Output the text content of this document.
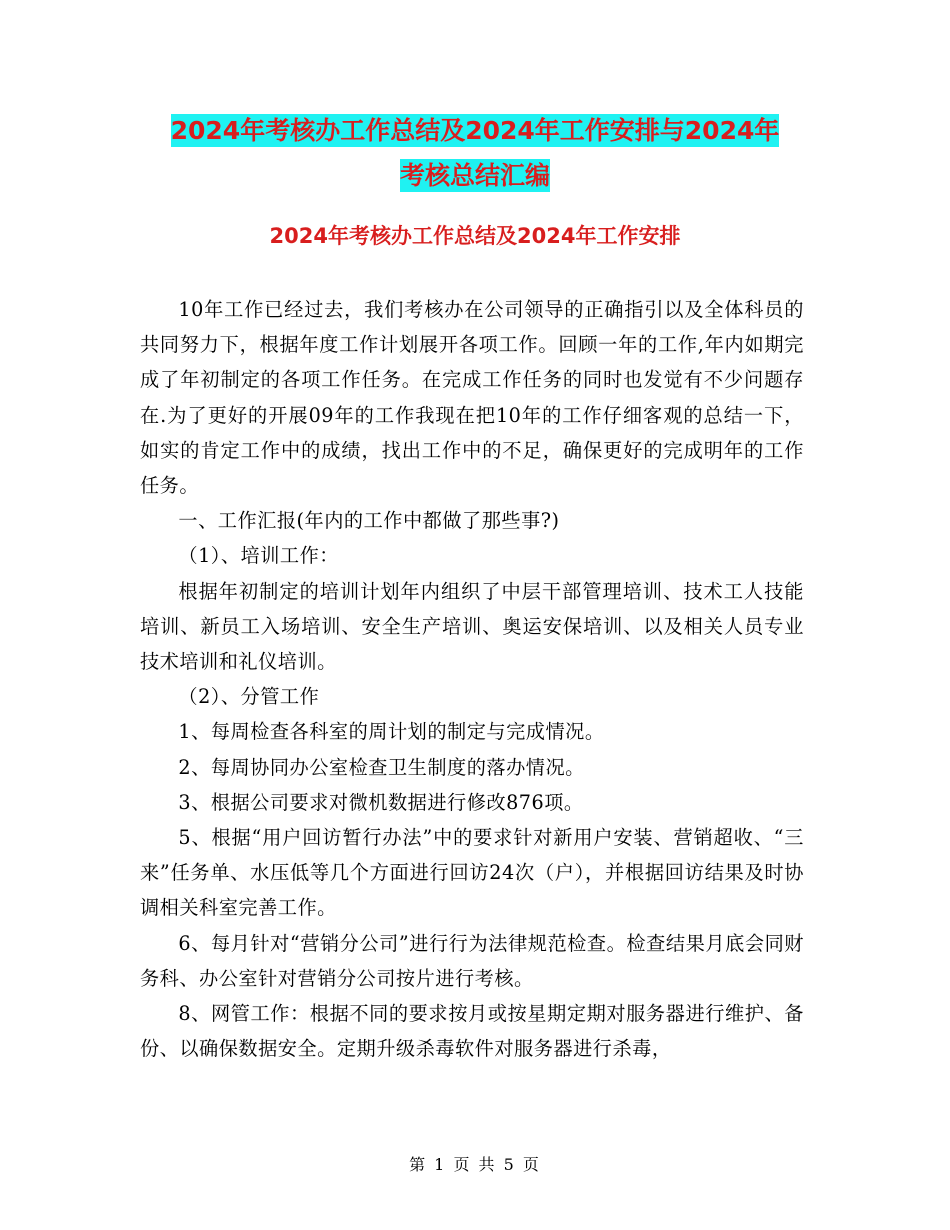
2024年考核办工作总结及2024年工作安排与2024年
考核总结汇编
2024年考核办工作总结及2024年工作安排

10年工作已经过去，我们考核办在公司领导的正确指引以及全体科员的共同努力下，根据年度工作计划展开各项工作。回顾一年的工作,年内如期完成了年初制定的各项工作任务。在完成工作任务的同时也发觉有不少问题存在.为了更好的开展09年的工作我现在把10年的工作仔细客观的总结一下，如实的肯定工作中的成绩，找出工作中的不足，确保更好的完成明年的工作任务。

一、工作汇报(年内的工作中都做了那些事?)

（1）、培训工作：

根据年初制定的培训计划年内组织了中层干部管理培训、技术工人技能培训、新员工入场培训、安全生产培训、奥运安保培训、以及相关人员专业技术培训和礼仪培训。

（2）、分管工作

1、每周检查各科室的周计划的制定与完成情况。

2、每周协同办公室检查卫生制度的落办情况。

3、根据公司要求对微机数据进行修改876项。

5、根据“用户回访暂行办法”中的要求针对新用户安装、营销超收、“三来”任务单、水压低等几个方面进行回访24次（户），并根据回访结果及时协调相关科室完善工作。

6、每月针对“营销分公司”进行行为法律规范检查。检查结果月底会同财务科、办公室针对营销分公司按片进行考核。

8、网管工作：根据不同的要求按月或按星期定期对服务器进行维护、备份、以确保数据安全。定期升级杀毒软件对服务器进行杀毒，

第 1 页 共 5 页
